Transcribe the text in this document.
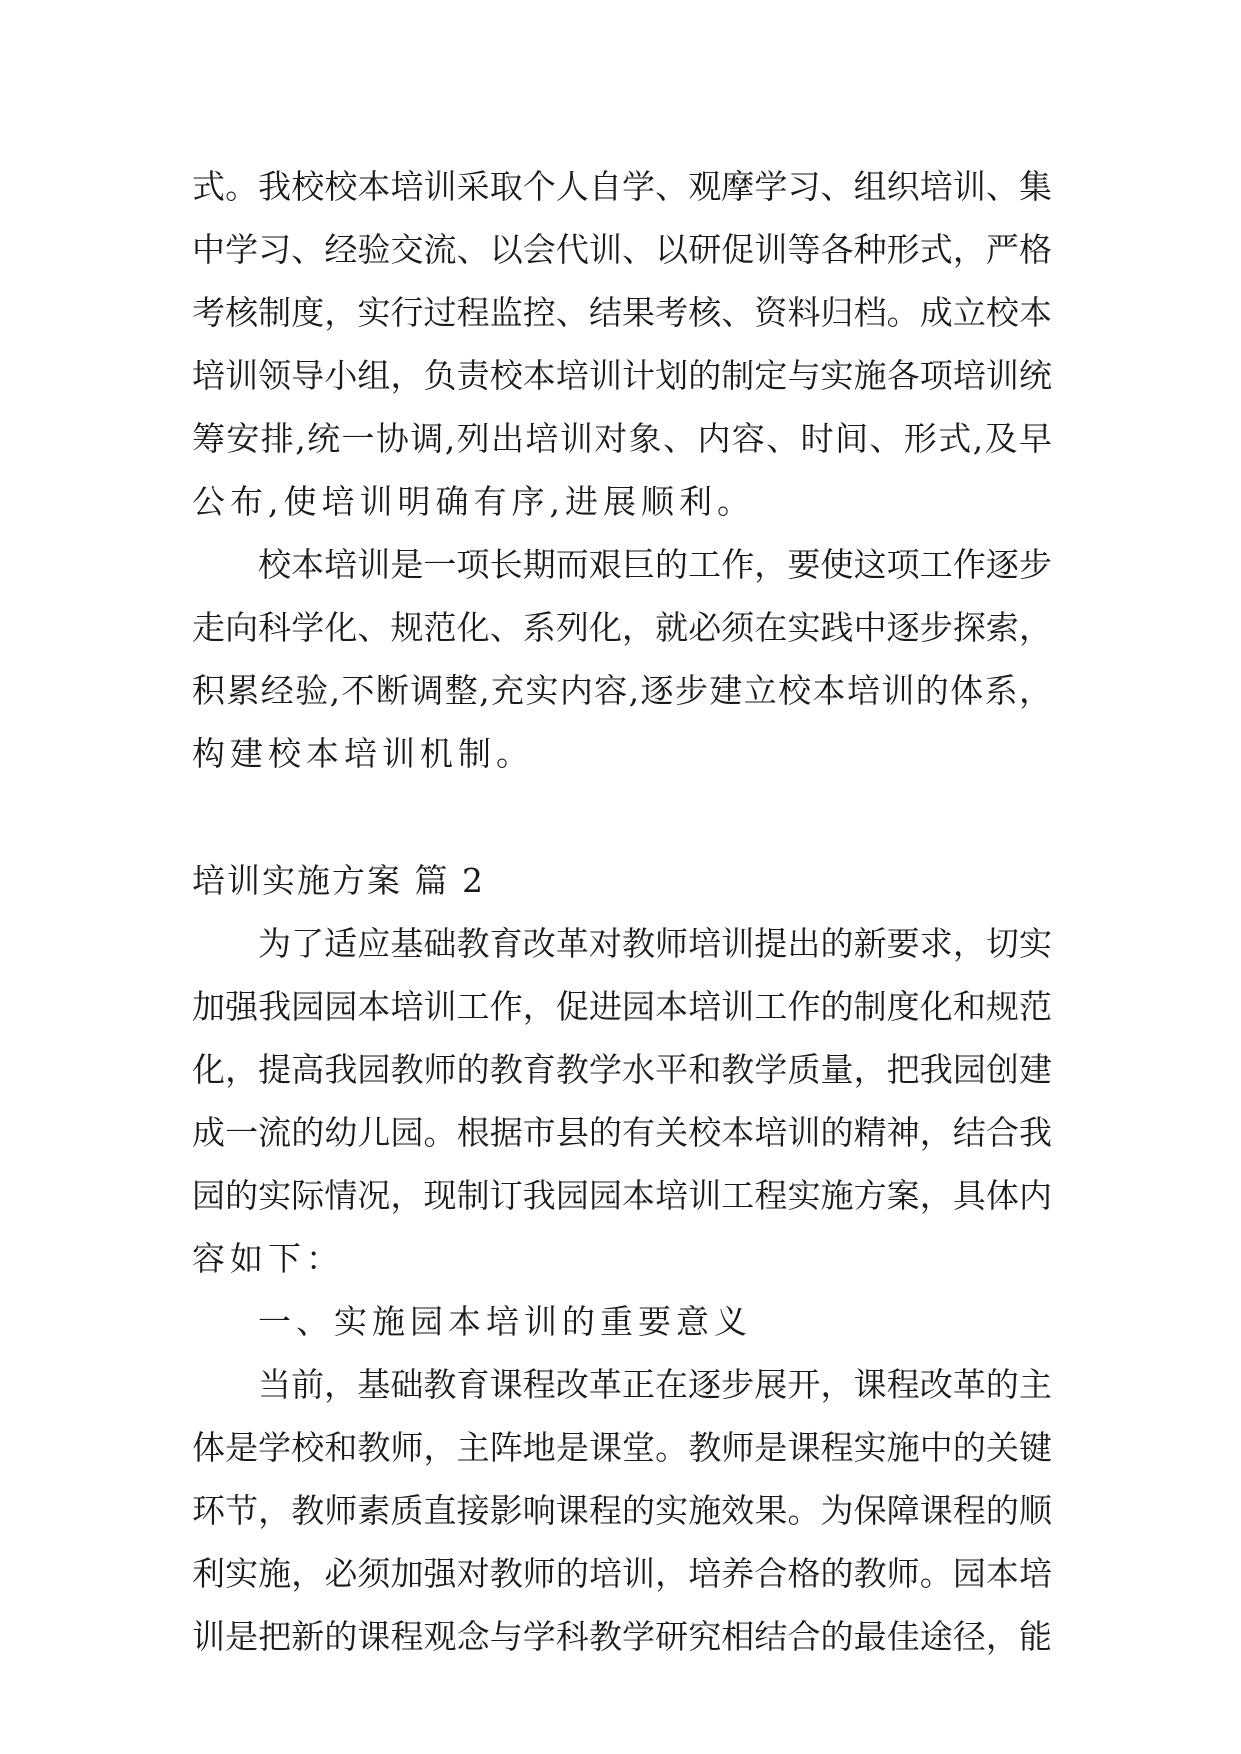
式。我校校本培训采取个人自学、观摩学习、组织培训、集

中学习、经验交流、以会代训、以研促训等各种形式，严格

考核制度，实行过程监控、结果考核、资料归档。成立校本

培训领导小组，负责校本培训计划的制定与实施各项培训统

筹安排,统一协调,列出培训对象、内容、时间、形式,及早

公布,使培训明确有序,进展顺利。

校本培训是一项长期而艰巨的工作，要使这项工作逐步

走向科学化、规范化、系列化，就必须在实践中逐步探索，

积累经验,不断调整,充实内容,逐步建立校本培训的体系，

构建校本培训机制。

培训实施方案 篇 2

为了适应基础教育改革对教师培训提出的新要求，切实

加强我园园本培训工作，促进园本培训工作的制度化和规范

化，提高我园教师的教育教学水平和教学质量，把我园创建

成一流的幼儿园。根据市县的有关校本培训的精神，结合我

园的实际情况，现制订我园园本培训工程实施方案，具体内

容如下：

一、实施园本培训的重要意义

当前，基础教育课程改革正在逐步展开，课程改革的主

体是学校和教师，主阵地是课堂。教师是课程实施中的关键

环节，教师素质直接影响课程的实施效果。为保障课程的顺

利实施，必须加强对教师的培训，培养合格的教师。园本培

训是把新的课程观念与学科教学研究相结合的最佳途径，能
